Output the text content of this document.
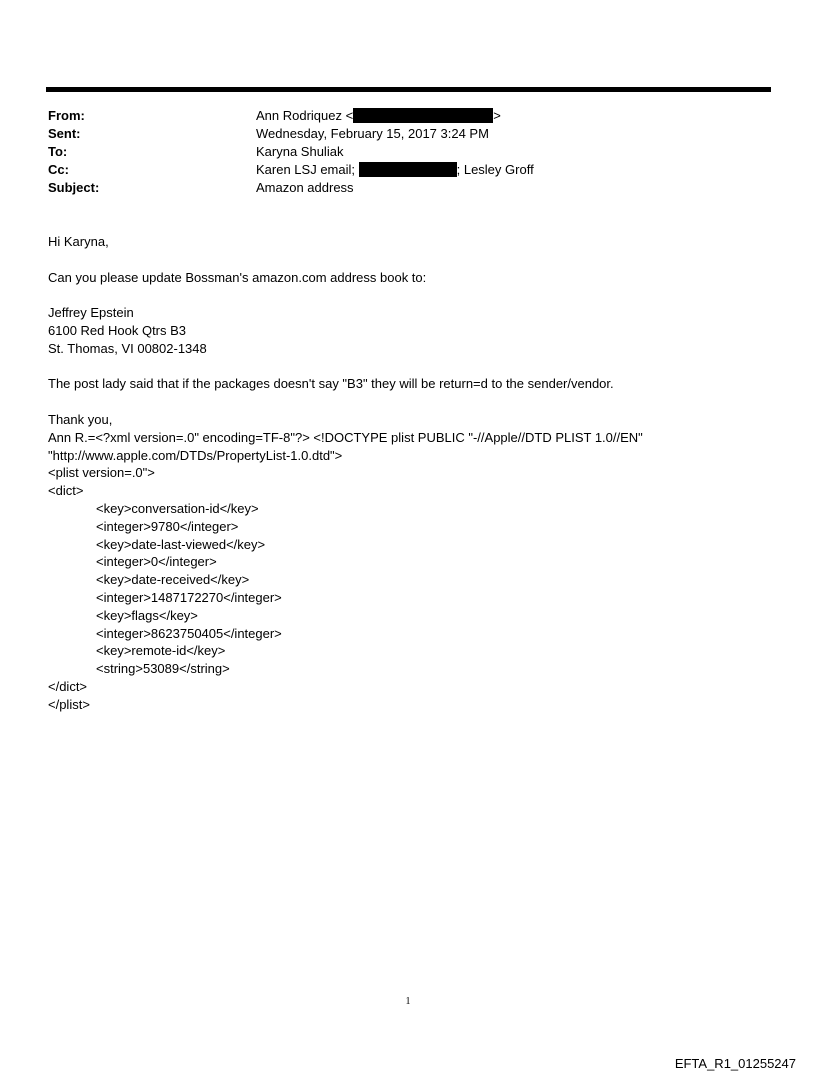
From:	Ann Rodriquez <	>
Sent:	Wednesday, February 15, 2017 3:24 PM
To:	Karyna Shuliak
Cc:	Karen LSJ email;	; Lesley Groff
Subject:	Amazon address
Hi Karyna,
Can you please update Bossman's amazon.com address book to:
Jeffrey Epstein
6100 Red Hook Qtrs B3
St. Thomas, VI 00802-1348
The post lady said that if the packages doesn't say "B3" they will be return=d to the sender/vendor.
Thank you,
Ann R.=<?xml version=.0" encoding=TF-8"?> <!DOCTYPE plist PUBLIC "-//Apple//DTD PLIST 1.0//EN"
"http://www.apple.com/DTDs/PropertyList-1.0.dtd">
<plist version=.0">
<dict>
<key>conversation-id</key>
<integer>9780</integer>
<key>date-last-viewed</key>
<integer>0</integer>
<key>date-received</key>
<integer>1487172270</integer>
<key>flags</key>
<integer>8623750405</integer>
<key>remote-id</key>
<string>53089</string>
</dict>
</plist>
1
EFTA_R1_01255247
